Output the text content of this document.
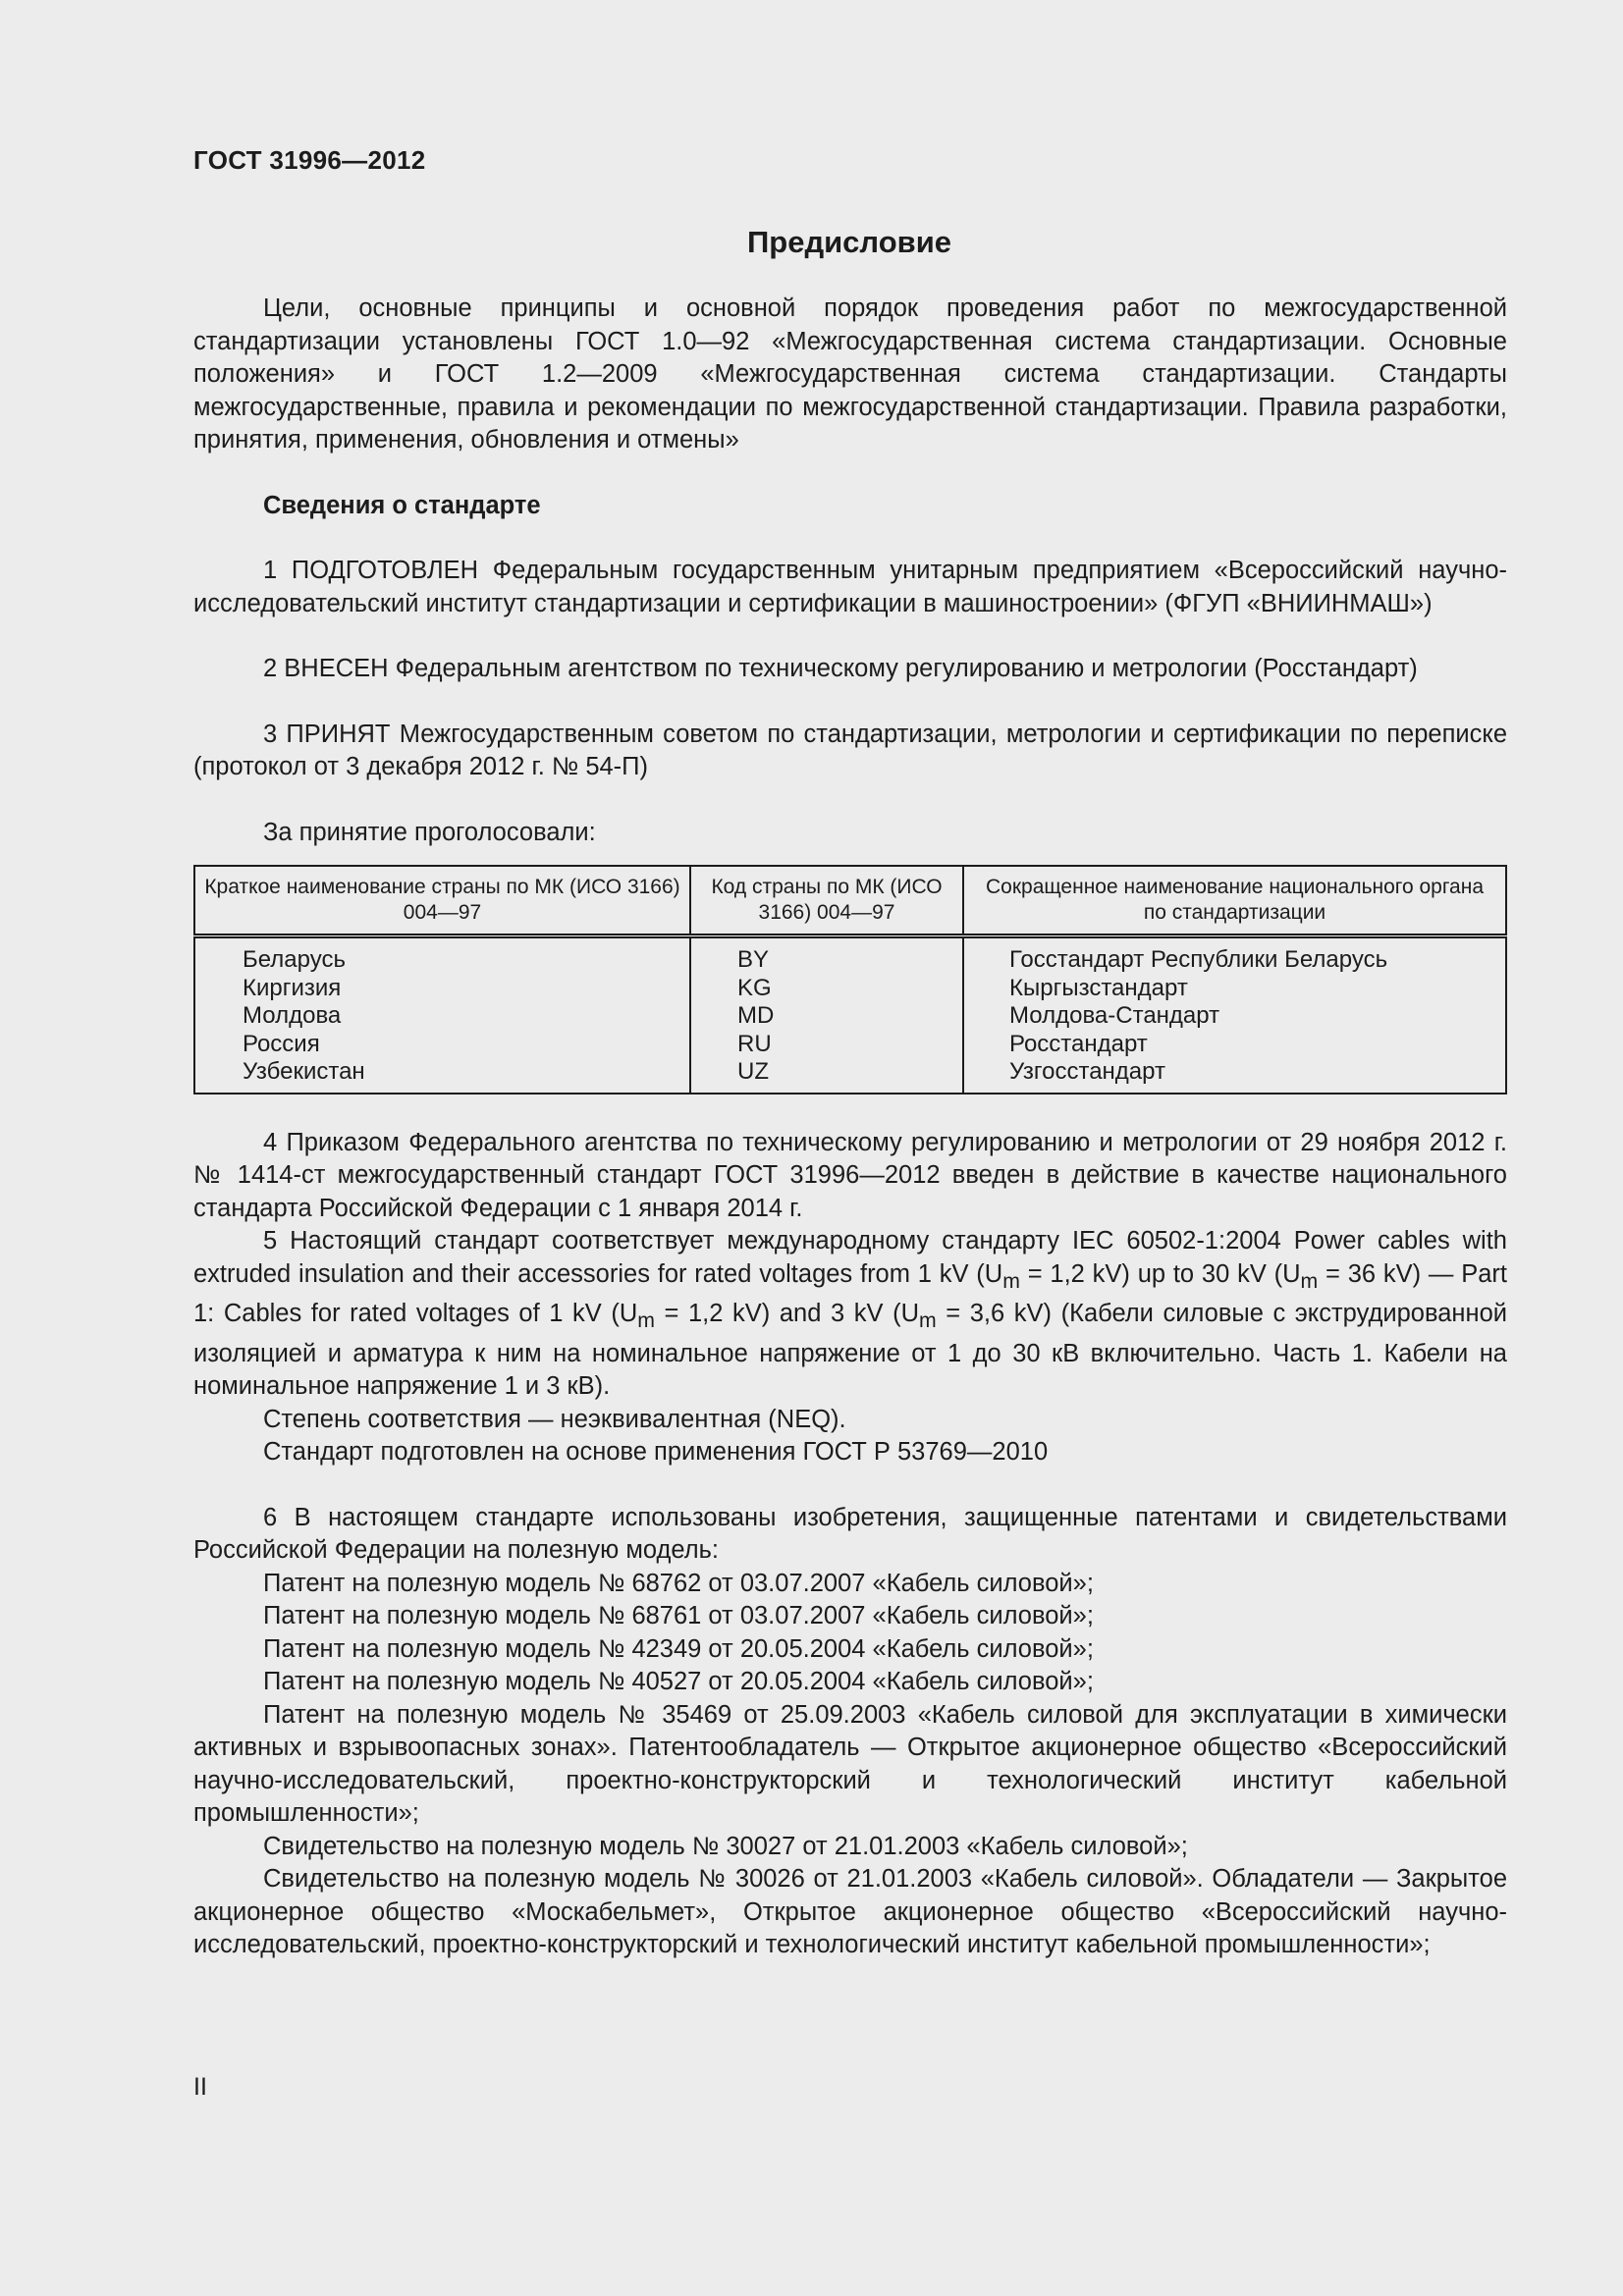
ГОСТ 31996—2012
Предисловие

Цели, основные принципы и основной порядок проведения работ по межгосударственной стандартизации установлены ГОСТ 1.0—92 «Межгосударственная система стандартизации. Основные положения» и ГОСТ 1.2—2009 «Межгосударственная система стандартизации. Стандарты межгосударственные, правила и рекомендации по межгосударственной стандартизации. Правила разработки, принятия, применения, обновления и отмены»

Сведения о стандарте

1 ПОДГОТОВЛЕН Федеральным государственным унитарным предприятием «Всероссийский научно-исследовательский институт стандартизации и сертификации в машиностроении» (ФГУП «ВНИИНМАШ»)

2 ВНЕСЕН Федеральным агентством по техническому регулированию и метрологии (Росстандарт)

3 ПРИНЯТ Межгосударственным советом по стандартизации, метрологии и сертификации по переписке (протокол от 3 декабря 2012 г. № 54-П)

За принятие проголосовали:

Краткое наименование страны по МК (ИСО 3166) 004—97	Код страны по МК (ИСО 3166) 004—97	Сокращенное наименование национального органа по стандартизации
Беларусь	BY	Госстандарт Республики Беларусь
Киргизия	KG	Кыргызстандарт
Молдова	MD	Молдова-Стандарт
Россия	RU	Росстандарт
Узбекистан	UZ	Узгосстандарт

4 Приказом Федерального агентства по техническому регулированию и метрологии от 29 ноября 2012 г. № 1414-ст межгосударственный стандарт ГОСТ 31996—2012 введен в действие в качестве национального стандарта Российской Федерации с 1 января 2014 г.

5 Настоящий стандарт соответствует международному стандарту IEC 60502-1:2004 Power cables with extruded insulation and their accessories for rated voltages from 1 kV ($U_m = 1,2$ kV) up to 30 kV ($U_m = 36$ kV) — Part 1: Cables for rated voltages of 1 kV ($U_m = 1,2$ kV) and 3 kV ($U_m = 3,6$ kV) (Кабели силовые с экструдированной изоляцией и арматура к ним на номинальное напряжение от 1 до 30 кВ включительно. Часть 1. Кабели на номинальное напряжение 1 и 3 кВ).

Степень соответствия — неэквивалентная (NEQ).

Стандарт подготовлен на основе применения ГОСТ Р 53769—2010

6 В настоящем стандарте использованы изобретения, защищенные патентами и свидетельствами Российской Федерации на полезную модель:

Патент на полезную модель № 68762 от 03.07.2007 «Кабель силовой»;

Патент на полезную модель № 68761 от 03.07.2007 «Кабель силовой»;

Патент на полезную модель № 42349 от 20.05.2004 «Кабель силовой»;

Патент на полезную модель № 40527 от 20.05.2004 «Кабель силовой»;

Патент на полезную модель № 35469 от 25.09.2003 «Кабель силовой для эксплуатации в химически активных и взрывоопасных зонах». Патентообладатель — Открытое акционерное общество «Всероссийский научно-исследовательский, проектно-конструкторский и технологический институт кабельной промышленности»;

Свидетельство на полезную модель № 30027 от 21.01.2003 «Кабель силовой»;

Свидетельство на полезную модель № 30026 от 21.01.2003 «Кабель силовой». Обладатели — Закрытое акционерное общество «Москабельмет», Открытое акционерное общество «Всероссийский научно-исследовательский, проектно-конструкторский и технологический институт кабельной промышленности»;

II
